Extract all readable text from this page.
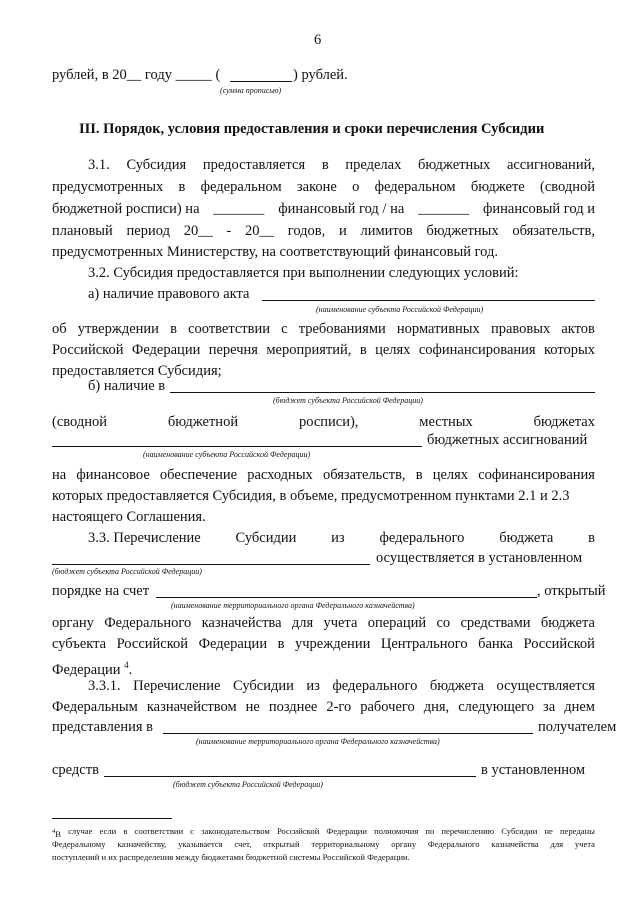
6
рублей, в 20__ году _____ (	) рублей.
(сумма прописью)
III. Порядок, условия предоставления и сроки перечисления Субсидии
3.1. Субсидия предоставляется в пределах бюджетных ассигнований,
предусмотренных в федеральном законе о федеральном бюджете (сводной
бюджетной росписи) на _______ финансовый год / на _______ финансовый год и
плановый период 20__ - 20__ годов, и лимитов бюджетных обязательств,
предусмотренных Министерству, на соответствующий финансовый год.
3.2. Субсидия предоставляется при выполнении следующих условий:
а) наличие правового акта
(наименование субъекта Российской Федерации)
об утверждении в соответствии с требованиями нормативных правовых актов
Российской Федерации перечня мероприятий, в целях софинансирования которых
предоставляется Субсидия;
б) наличие в
(бюджет субъекта Российской Федерации)
(сводной	бюджетной	росписи),	местных	бюджетах
бюджетных ассигнований
(наименование субъекта Российской Федерации)
на финансовое обеспечение расходных обязательств, в целях софинансирования
которых предоставляется Субсидия, в объеме, предусмотренном пунктами 2.1 и 2.3
настоящего Соглашения.
3.3. Перечисление Субсидии из федерального бюджета в
осуществляется в установленном
(бюджет субъекта Российской Федерации)
порядке на счет	, открытый
(наименование территориального органа Федерального казначейства)
органу Федерального казначейства для учета операций со средствами бюджета
субъекта Российской Федерации в учреждении Центрального банка Российской
Федерации $^4$.
3.3.1. Перечисление Субсидии из федерального бюджета осуществляется
Федеральным казначейством не позднее 2-го рабочего дня, следующего за днем
представления в	получателем
(наименование территориального органа Федерального казначейства)
средств	в установленном
(бюджет субъекта Российской Федерации)
$^4$В случае если в соответствии с законодательством Российской Федерации полномочия по перечислению Субсидии не переданы
Федеральному казначейству, указывается счет, открытый территориальному органу Федерального казначейства для учета
поступлений и их распределения между бюджетами бюджетной системы Российской Федерации.
